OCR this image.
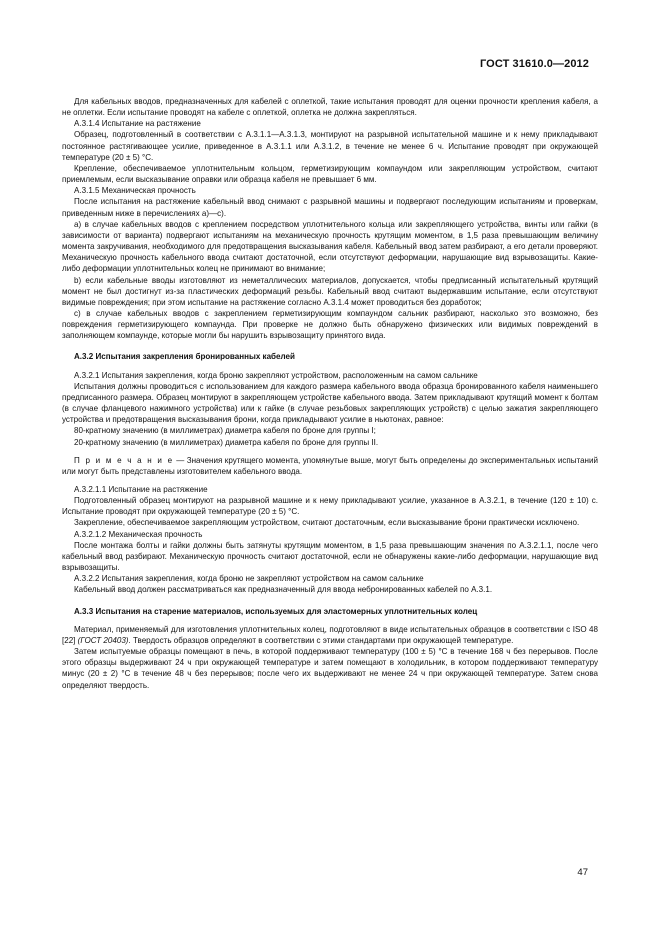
ГОСТ 31610.0—2012

Для кабельных вводов, предназначенных для кабелей с оплеткой, такие испытания проводят для оценки прочности крепления кабеля, а не оплетки. Если испытание проводят на кабеле с оплеткой, оплетка не должна закрепляться.

А.3.1.4 Испытание на растяжение

Образец, подготовленный в соответствии с А.3.1.1—А.3.1.3, монтируют на разрывной испытательной машине и к нему прикладывают постоянное растягивающее усилие, приведенное в А.3.1.1 или А.3.1.2, в течение не менее 6 ч. Испытание проводят при окружающей температуре (20 ± 5) °С.

Крепление, обеспечиваемое уплотнительным кольцом, герметизирующим компаундом или закрепляющим устройством, считают приемлемым, если высказывание оправки или образца кабеля не превышает 6 мм.

А.3.1.5 Механическая прочность

После испытания на растяжение кабельный ввод снимают с разрывной машины и подвергают последующим испытаниям и проверкам, приведенным ниже в перечислениях а)—с).

а) в случае кабельных вводов с креплением посредством уплотнительного кольца или закрепляющего устройства, винты или гайки (в зависимости от варианта) подвергают испытаниям на механическую прочность крутящим моментом, в 1,5 раза превышающим величину момента закручивания, необходимого для предотвращения высказывания кабеля. Кабельный ввод затем разбирают, а его детали проверяют. Механическую прочность кабельного ввода считают достаточной, если отсутствуют деформации, нарушающие вид взрывозащиты. Какие-либо деформации уплотнительных колец не принимают во внимание;

b) если кабельные вводы изготовляют из неметаллических материалов, допускается, чтобы предписанный испытательный крутящий момент не был достигнут из-за пластических деформаций резьбы. Кабельный ввод считают выдержавшим испытание, если отсутствуют видимые повреждения; при этом испытание на растяжение согласно А.3.1.4 может проводиться без доработок;

с) в случае кабельных вводов с закреплением герметизирующим компаундом сальник разбирают, насколько это возможно, без повреждения герметизирующего компаунда. При проверке не должно быть обнаружено физических или видимых повреждений в заполняющем компаунде, которые могли бы нарушить взрывозащиту принятого вида.

А.3.2 Испытания закрепления бронированных кабелей

А.3.2.1 Испытания закрепления, когда броню закрепляют устройством, расположенным на самом сальнике

Испытания должны проводиться с использованием для каждого размера кабельного ввода образца бронированного кабеля наименьшего предписанного размера. Образец монтируют в закрепляющем устройстве кабельного ввода. Затем прикладывают крутящий момент к болтам (в случае фланцевого нажимного устройства) или к гайке (в случае резьбовых закрепляющих устройств) с целью зажатия закрепляющего устройства и предотвращения высказывания брони, когда прикладывают усилие в ньютонах, равное:

80-кратному значению (в миллиметрах) диаметра кабеля по броне для группы I;

20-кратному значению (в миллиметрах) диаметра кабеля по броне для группы II.

П р и м е ч а н и е — Значения крутящего момента, упомянутые выше, могут быть определены до экспериментальных испытаний или могут быть представлены изготовителем кабельного ввода.

А.3.2.1.1 Испытание на растяжение

Подготовленный образец монтируют на разрывной машине и к нему прикладывают усилие, указанное в А.3.2.1, в течение (120 ± 10) с. Испытание проводят при окружающей температуре (20 ± 5) °С.

Закрепление, обеспечиваемое закрепляющим устройством, считают достаточным, если высказывание брони практически исключено.

А.3.2.1.2 Механическая прочность

После монтажа болты и гайки должны быть затянуты крутящим моментом, в 1,5 раза превышающим значения по А.3.2.1.1, после чего кабельный ввод разбирают. Механическую прочность считают достаточной, если не обнаружены какие-либо деформации, нарушающие вид взрывозащиты.

А.3.2.2 Испытания закрепления, когда броню не закрепляют устройством на самом сальнике

Кабельный ввод должен рассматриваться как предназначенный для ввода небронированных кабелей по А.3.1.

А.3.3 Испытания на старение материалов, используемых для эластомерных уплотнительных колец

Материал, применяемый для изготовления уплотнительных колец, подготовляют в виде испытательных образцов в соответствии с ISO 48 [22] (ГОСТ 20403). Твердость образцов определяют в соответствии с этими стандартами при окружающей температуре.

Затем испытуемые образцы помещают в печь, в которой поддерживают температуру (100 ± 5) °С в течение 168 ч без перерывов. После этого образцы выдерживают 24 ч при окружающей температуре и затем помещают в холодильник, в котором поддерживают температуру минус (20 ± 2) °С в течение 48 ч без перерывов; после чего их выдерживают не менее 24 ч при окружающей температуре. Затем снова определяют твердость.

47
